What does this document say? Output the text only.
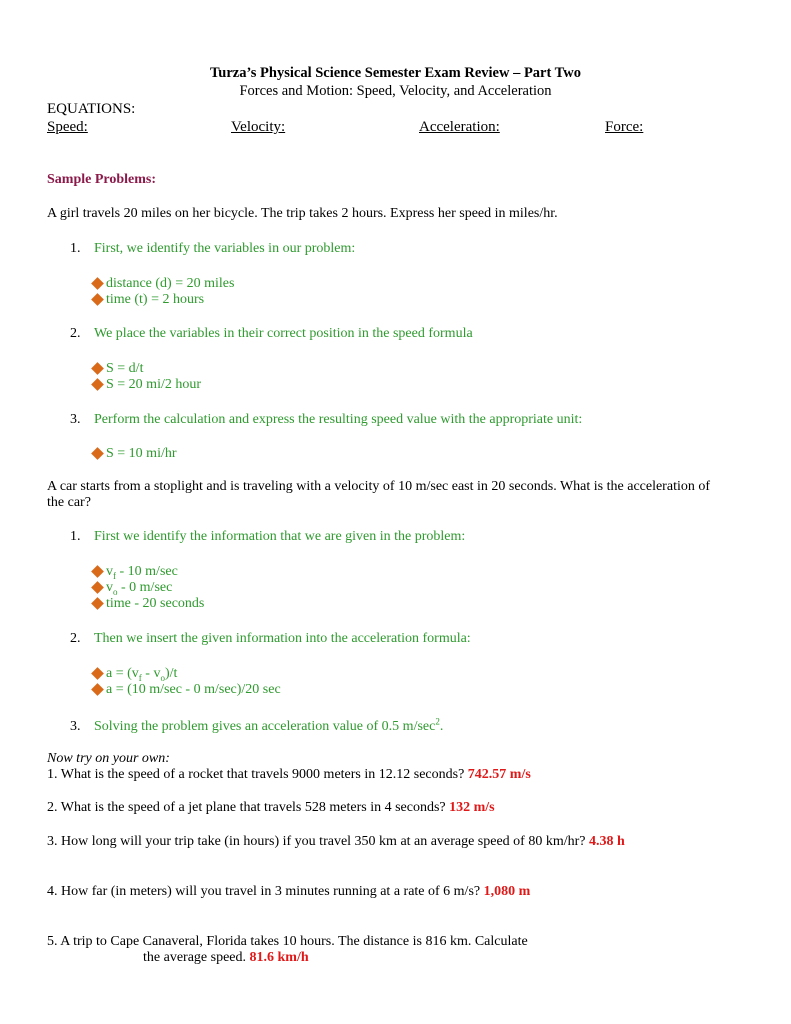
Turza’s Physical Science Semester Exam Review – Part Two
Forces and Motion: Speed, Velocity, and Acceleration
EQUATIONS:
Speed:	Velocity:	Acceleration:	Force:
Sample Problems:
A girl travels 20 miles on her bicycle. The trip takes 2 hours. Express her speed in miles/hr.
1. First, we identify the variables in our problem:
distance (d) = 20 miles
time (t) = 2 hours
2. We place the variables in their correct position in the speed formula
S = d/t
S = 20 mi/2 hour
3. Perform the calculation and express the resulting speed value with the appropriate unit:
S = 10 mi/hr
A car starts from a stoplight and is traveling with a velocity of 10 m/sec east in 20 seconds. What is the acceleration of
the car?
1. First we identify the information that we are given in the problem:
$v_f - 10$ m/sec
$v_o - 0$ m/sec
time - 20 seconds
2. Then we insert the given information into the acceleration formula:
$a = (v_f - v_o)/t$
a = (10 m/sec - 0 m/sec)/20 sec
3. Solving the problem gives an acceleration value of 0.5 $m/\sec^2$.
Now try on your own:
1. What is the speed of a rocket that travels 9000 meters in 12.12 seconds? 742.57 m/s
2. What is the speed of a jet plane that travels 528 meters in 4 seconds? 132 m/s
3. How long will your trip take (in hours) if you travel 350 km at an average speed of 80 km/hr? 4.38 h
4. How far (in meters) will you travel in 3 minutes running at a rate of 6 m/s? 1,080 m
5. A trip to Cape Canaveral, Florida takes 10 hours. The distance is 816 km. Calculate
the average speed. 81.6 km/h
